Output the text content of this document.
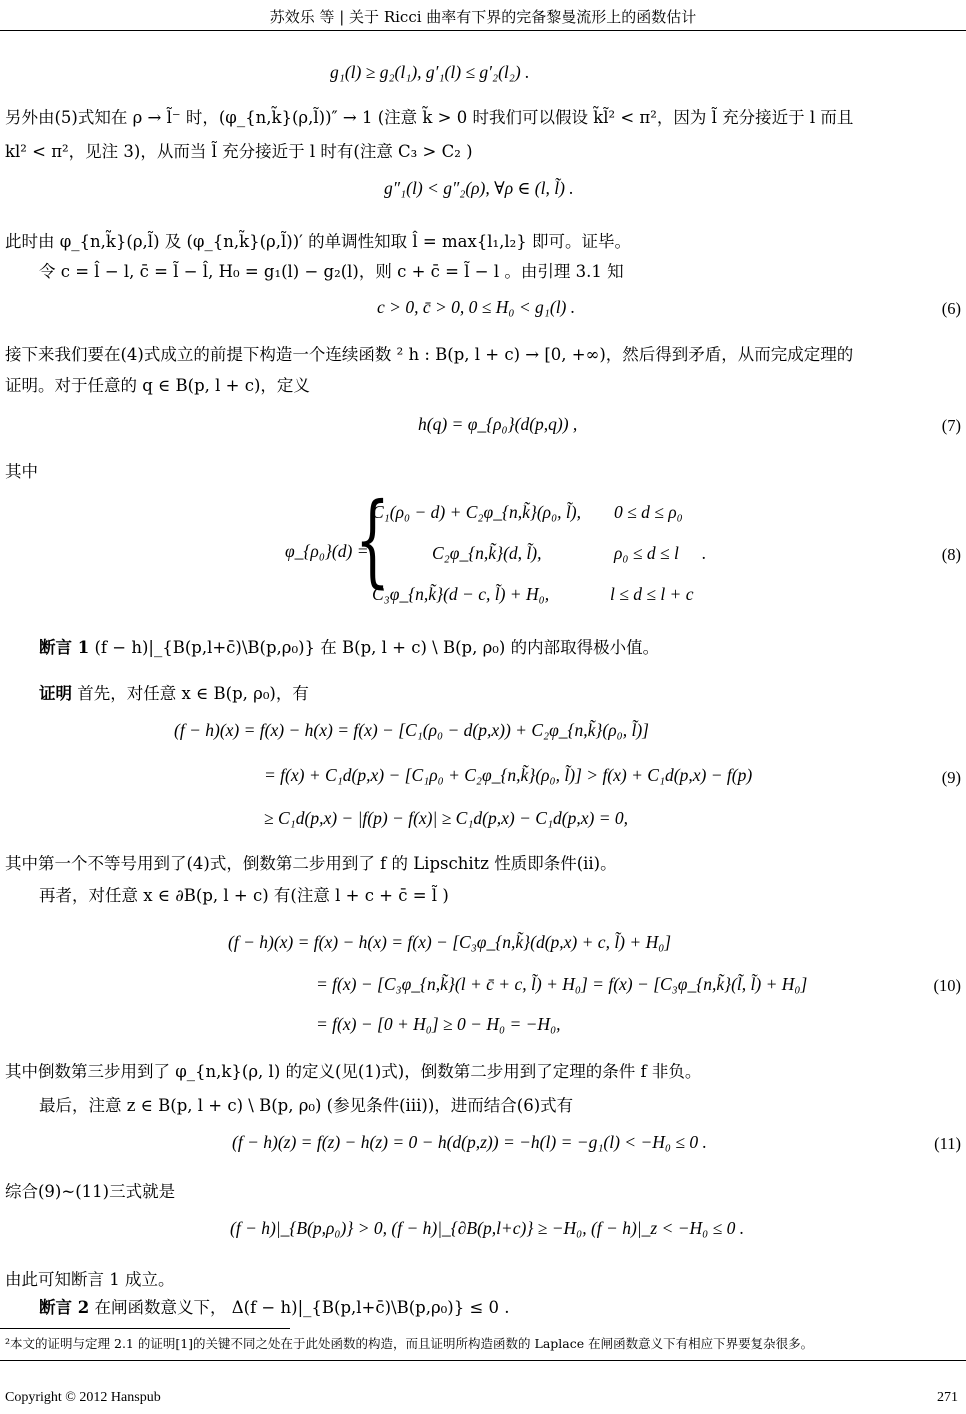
苏效乐 等 | 关于 Ricci 曲率有下界的完备黎曼流形上的函数估计
g₁(l) ≥ g₂(l₁), g′₁(l) ≤ g′₂(l₂) .
另外由(5)式知在 ρ → l̃⁻ 时，(φ_{n,k̃}(ρ,l̃))″ → 1 (注意 k̃ > 0 时我们可以假设 k̃l̃² < π²，因为 l̃ 充分接近于 l 而且
kl² < π²，见注 3)，从而当 l̃ 充分接近于 l 时有(注意 C₃ > C₂ )
g″₁(l) < g″₂(ρ), ∀ρ ∈ (l, l̃) .
此时由 φ_{n,k̃}(ρ,l̃) 及 (φ_{n,k̃}(ρ,l̃))′ 的单调性知取 l̂ = max{l₁,l₂} 即可。证毕。
令 c = l̂ − l, c̄ = l̃ − l̂, H₀ = g₁(l) − g₂(l)，则 c + c̄ = l̃ − l 。由引理 3.1 知
c > 0, c̄ > 0, 0 ≤ H₀ < g₁(l) .	(6)
接下来我们要在(4)式成立的前提下构造一个连续函数 ² h : B(p, l + c) → [0, +∞)，然后得到矛盾，从而完成定理的
证明。对于任意的 q ∈ B(p, l + c)，定义
h(q) = φ_{ρ₀}(d(p,q)) ,	(7)
其中
φ_{ρ₀}(d) =
{
C₁(ρ₀ − d) + C₂φ_{n,k̃}(ρ₀, l̃), 0 ≤ d ≤ ρ₀
C₂φ_{n,k̃}(d, l̃),	ρ₀ ≤ d ≤ l .
C₃φ_{n,k̃}(d − c, l̃) + H₀,	l ≤ d ≤ l + c
(8)
断言 1 (f − h)|_{B(p,l+c̄)\B(p,ρ₀)} 在 B(p, l + c) \ B(p, ρ₀) 的内部取得极小值。
证明 首先，对任意 x ∈ B(p, ρ₀)，有
(f − h)(x) = f(x) − h(x) = f(x) − [C₁(ρ₀ − d(p,x)) + C₂φ_{n,k̃}(ρ₀, l̃)]
= f(x) + C₁d(p,x) − [C₁ρ₀ + C₂φ_{n,k̃}(ρ₀, l̃)] > f(x) + C₁d(p,x) − f(p)
≥ C₁d(p,x) − |f(p) − f(x)| ≥ C₁d(p,x) − C₁d(p,x) = 0,
(9)
其中第一个不等号用到了(4)式，倒数第二步用到了 f 的 Lipschitz 性质即条件(ii)。
再者，对任意 x ∈ ∂B(p, l + c) 有(注意 l + c + c̄ = l̃ )
(f − h)(x) = f(x) − h(x) = f(x) − [C₃φ_{n,k̃}(d(p,x) + c, l̃) + H₀]
= f(x) − [C₃φ_{n,k̃}(l + c̄ + c, l̃) + H₀] = f(x) − [C₃φ_{n,k̃}(l̃, l̃) + H₀]
= f(x) − [0 + H₀] ≥ 0 − H₀ = −H₀,
(10)
其中倒数第三步用到了 φ_{n,k}(ρ, l) 的定义(见(1)式)，倒数第二步用到了定理的条件 f 非负。
最后，注意 z ∈ B(p, l + c) \ B(p, ρ₀) (参见条件(iii))，进而结合(6)式有
(f − h)(z) = f(z) − h(z) = 0 − h(d(p,z)) = −h(l) = −g₁(l) < −H₀ ≤ 0 .	(11)
综合(9)~(11)三式就是
(f − h)|_{B(p,ρ₀)} > 0, (f − h)|_{∂B(p,l+c)} ≥ −H₀, (f − h)|_z < −H₀ ≤ 0 .
由此可知断言 1 成立。
断言 2 在闸函数意义下， Δ(f − h)|_{B(p,l+c̄)\B(p,ρ₀)} ≤ 0 .
²本文的证明与定理 2.1 的证明[1]的关键不同之处在于此处函数的构造，而且证明所构造函数的 Laplace 在闸函数意义下有相应下界要复杂很多。
Copyright © 2012 Hanspub	271
